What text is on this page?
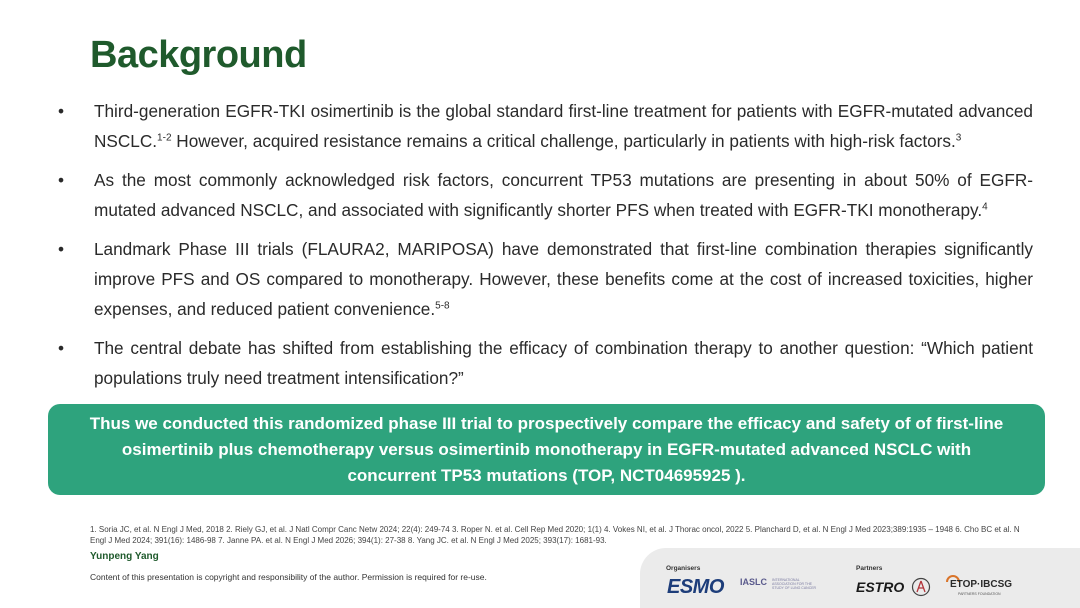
Background
•	Third-generation EGFR-TKI osimertinib is the global standard first-line treatment for patients with EGFR-mutated advanced NSCLC.$^{1-2}$ However, acquired resistance remains a critical challenge, particularly in patients with high-risk factors.$^3$
•	As the most commonly acknowledged risk factors, concurrent TP53 mutations are presenting in about 50% of EGFR-mutated advanced NSCLC, and associated with significantly shorter PFS when treated with EGFR-TKI monotherapy.$^4$
•	Landmark Phase III trials (FLAURA2, MARIPOSA) have demonstrated that first-line combination therapies significantly improve PFS and OS compared to monotherapy. However, these benefits come at the cost of increased toxicities, higher expenses, and reduced patient convenience.$^{5-8}$
•	The central debate has shifted from establishing the efficacy of combination therapy to another question: “Which patient populations truly need treatment intensification?”
Thus we conducted this randomized phase III trial to prospectively compare the efficacy and safety of of first-line osimertinib plus chemotherapy versus osimertinib monotherapy in EGFR-mutated advanced NSCLC with concurrent TP53 mutations (TOP, NCT04695925 ).
1. Soria JC, et al. N Engl J Med, 2018 2. Riely GJ, et al. J Natl Compr Canc Netw 2024; 22(4): 249-74 3. Roper N. et al. Cell Rep Med 2020; 1(1) 4. Vokes NI, et al. J Thorac oncol, 2022 5. Planchard D, et al. N Engl J Med 2023;389:1935 – 1948 6. Cho BC et al. N Engl J Med 2024; 391(16): 1486-98 7. Janne PA. et al. N Engl J Med 2026; 394(1): 27-38 8. Yang JC. et al. N Engl J Med 2025; 393(17): 1681-93.
Yunpeng Yang
Content of this presentation is copyright and responsibility of the author. Permission is required for re-use.
Organisers	Partners
ESMO IASLC INTERNATIONAL ASSOCIATION FOR THE STUDY OF LUNG CANCER	ESTRO	ETOP·IBCSG
PARTNERS FOUNDATION
